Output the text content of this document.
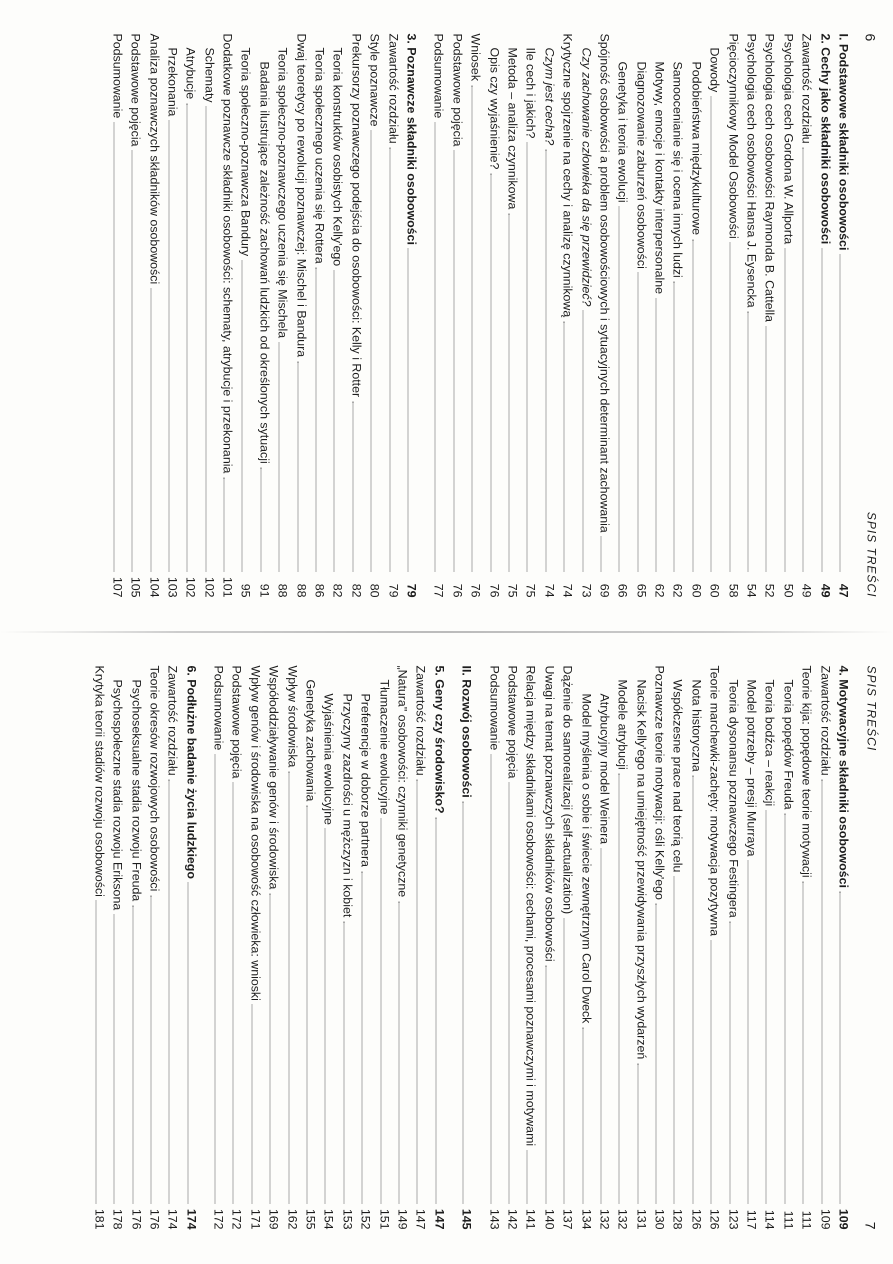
6
SPIS TREŚCI
I. Podstawowe składniki osobowości
47
2. Cechy jako składniki osobowości
49
Zawartość rozdziału
49
Psychologia cech Gordona W. Allporta
50
Psychologia cech osobowości Raymonda B. Cattella
52
Psychologia cech osobowości Hansa J. Eysencka
54
Pięcioczynnikowy Model Osobowości
58
Dowody
60
Podobieństwa międzykulturowe
60
Samoocenianie się i ocena innych ludzi
62
Motywy, emocje i kontakty interpersonalne
62
Diagnozowanie zaburzeń osobowości
65
Genetyka i teoria ewolucji
66
Spójność osobowości a problem osobowościowych i sytuacyjnych determinant zachowania
69
Czy zachowanie człowieka da się przewidzieć?
73
Krytyczne spojrzenie na cechy i analizę czynnikową
74
Czym jest cecha?
74
Ile cech i jakich?
75
Metoda – analiza czynnikowa
75
Opis czy wyjaśnienie?
76
Wniosek
76
Podstawowe pojęcia
76
Podsumowanie
77
3. Poznawcze składniki osobowości
79
Zawartość rozdziału
79
Style poznawcze
80
Prekursorzy poznawczego podejścia do osobowości: Kelly i Rotter
82
Teoria konstruktów osobistych Kelly'ego
82
Teoria społecznego uczenia się Rottera
86
Dwaj teoretycy po rewolucji poznawczej: Mischel i Bandura
88
Teoria społeczno-poznawczego uczenia się Mischela
88
Badania ilustrujące zależność zachowań ludzkich od określonych sytuacji
91
Teoria społeczno-poznawcza Bandury
95
Dodatkowe poznawcze składniki osobowości: schematy, atrybucje i przekonania
101
Schematy
102
Atrybucje
102
Przekonania
103
Analiza poznawczych składników osobowości
104
Podstawowe pojęcia
105
Podsumowanie
107
SPIS TREŚCI
7
4. Motywacyjne składniki osobowości
109
Zawartość rozdziału
109
Teorie kija: popędowe teorie motywacji
111
Teoria popędów Freuda
111
Teoria bodźca – reakcji
114
Model potrzeby – presji Murraya
117
Teoria dysonansu poznawczego Festingera
123
Teorie marchewki-zachęty: motywacja pozytywna
126
Nota historyczna
126
Współczesne prace nad teorią celu
128
Poznawcze teorie motywacji: ośli Kelly'ego
130
Nacisk Kelly'ego na umiejętność przewidywania przyszłych wydarzeń
131
Modele atrybucji
132
Atrybucyjny model Weinera
132
Model myślenia o sobie i świecie zewnętrznym Carol Dweck
134
Dążenie do samorealizacji (self-actualization)
137
Uwagi na temat poznawczych składników osobowości
140
Relacja między składnikami osobowości: cechami, procesami poznawczymi i motywami
141
Podstawowe pojęcia
142
Podsumowanie
143
II. Rozwój osobowości
145
5. Geny czy środowisko?
147
Zawartość rozdziału
147
„Natura" osobowości: czynniki genetyczne
149
Tłumaczenie ewolucyjne
151
Preferencje w doborze partnera
152
Przyczyny zazdrości u mężczyzn i kobiet
153
Wyjaśnienia ewolucyjne
154
Genetyka zachowania
155
Wpływ środowiska
162
Współoddziaływanie genów i środowiska
169
Wpływ genów i środowiska na osobowość człowieka: wnioski
171
Podstawowe pojęcia
172
Podsumowanie
172
6. Podłużne badanie życia ludzkiego
174
Zawartość rozdziału
174
Teorie okresów rozwojowych osobowości
176
Psychoseksualne stadia rozwoju Freuda
176
Psychospołeczne stadia rozwoju Eriksona
178
Krytyka teorii stadiów rozwoju osobowości
181
